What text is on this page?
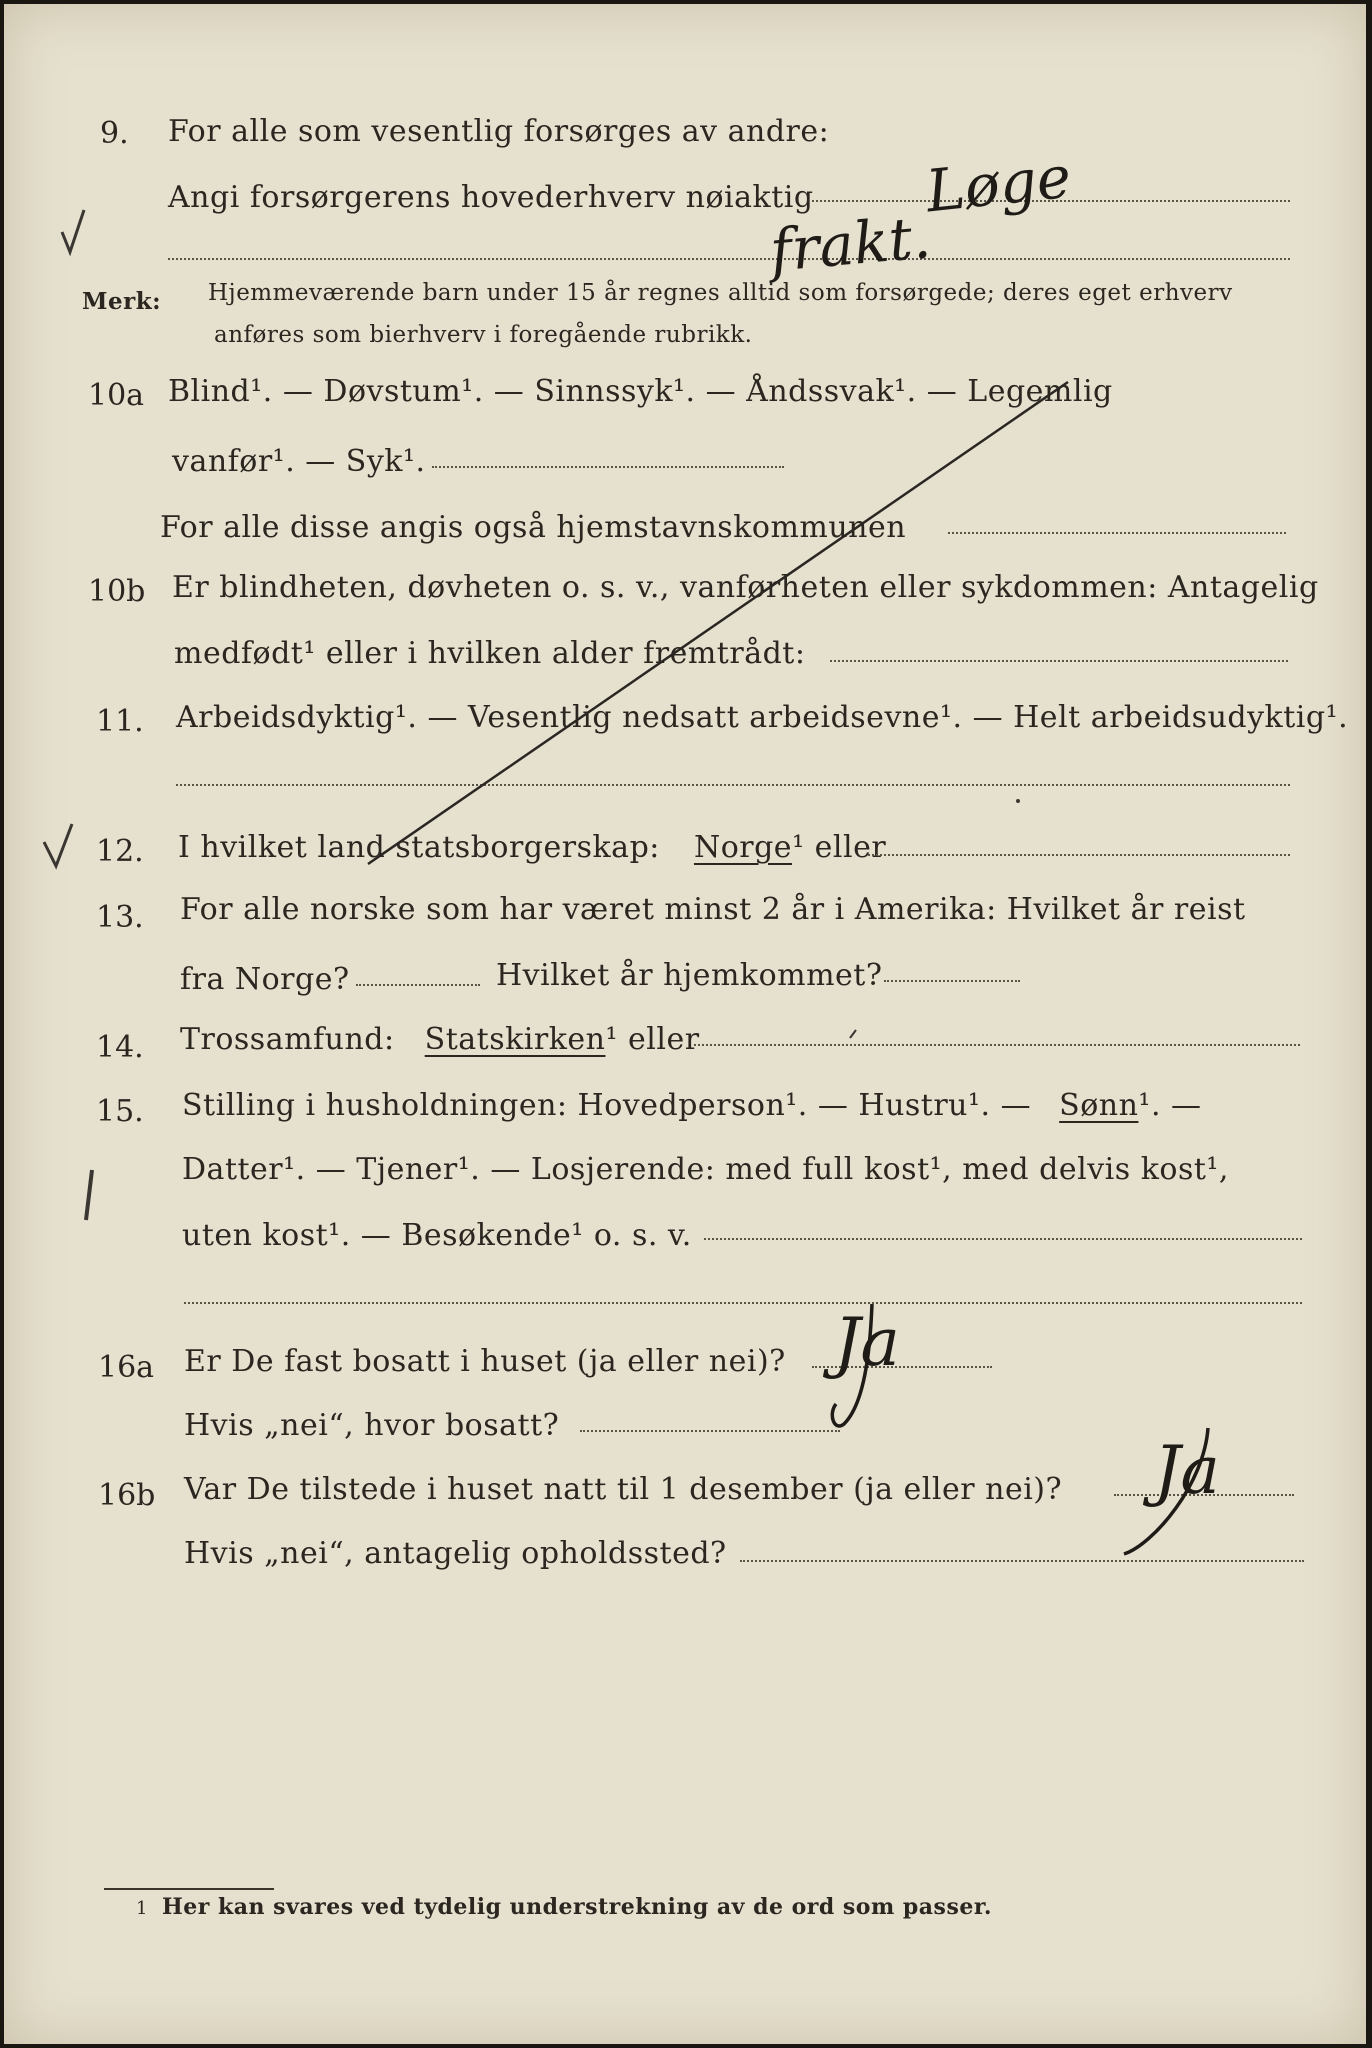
9. For alle som vesentlig forsørges av andre:
Angi forsørgerens hovederhverv nøiaktig Løge
frakt.
Merk: Hjemmeværende barn under 15 år regnes alltid som forsørgede; deres eget erhverv
anføres som bierhverv i foregående rubrikk.
10a Blind¹. — Døvstum¹. — Sinnssyk¹. — Åndssvak¹. — Legemlig
vanfør¹. — Syk¹.
For alle disse angis også hjemstavnskommunen
10b Er blindheten, døvheten o. s. v., vanførheten eller sykdommen: Antagelig
medfødt¹ eller i hvilken alder fremtrådt:
11. Arbeidsdyktig¹. — Vesentlig nedsatt arbeidsevne¹. — Helt arbeidsudyktig¹.
12. I hvilket land statsborgerskap: Norge¹ eller
13. For alle norske som har været minst 2 år i Amerika: Hvilket år reist
fra Norge?	Hvilket år hjemkommet?
14. Trossamfund: Statskirken¹ eller
15. Stilling i husholdningen: Hovedperson¹. — Hustru¹. — Sønn¹. —
Datter¹. — Tjener¹. — Losjerende: med full kost¹, med delvis kost¹,
uten kost¹. — Besøkende¹ o. s. v.
16a Er De fast bosatt i huset (ja eller nei)? Ja
Hvis „nei“, hvor bosatt?
16b Var De tilstede i huset natt til 1 desember (ja eller nei)? Ja
Hvis „nei“, antagelig opholdssted?
1 Her kan svares ved tydelig understrekning av de ord som passer.
